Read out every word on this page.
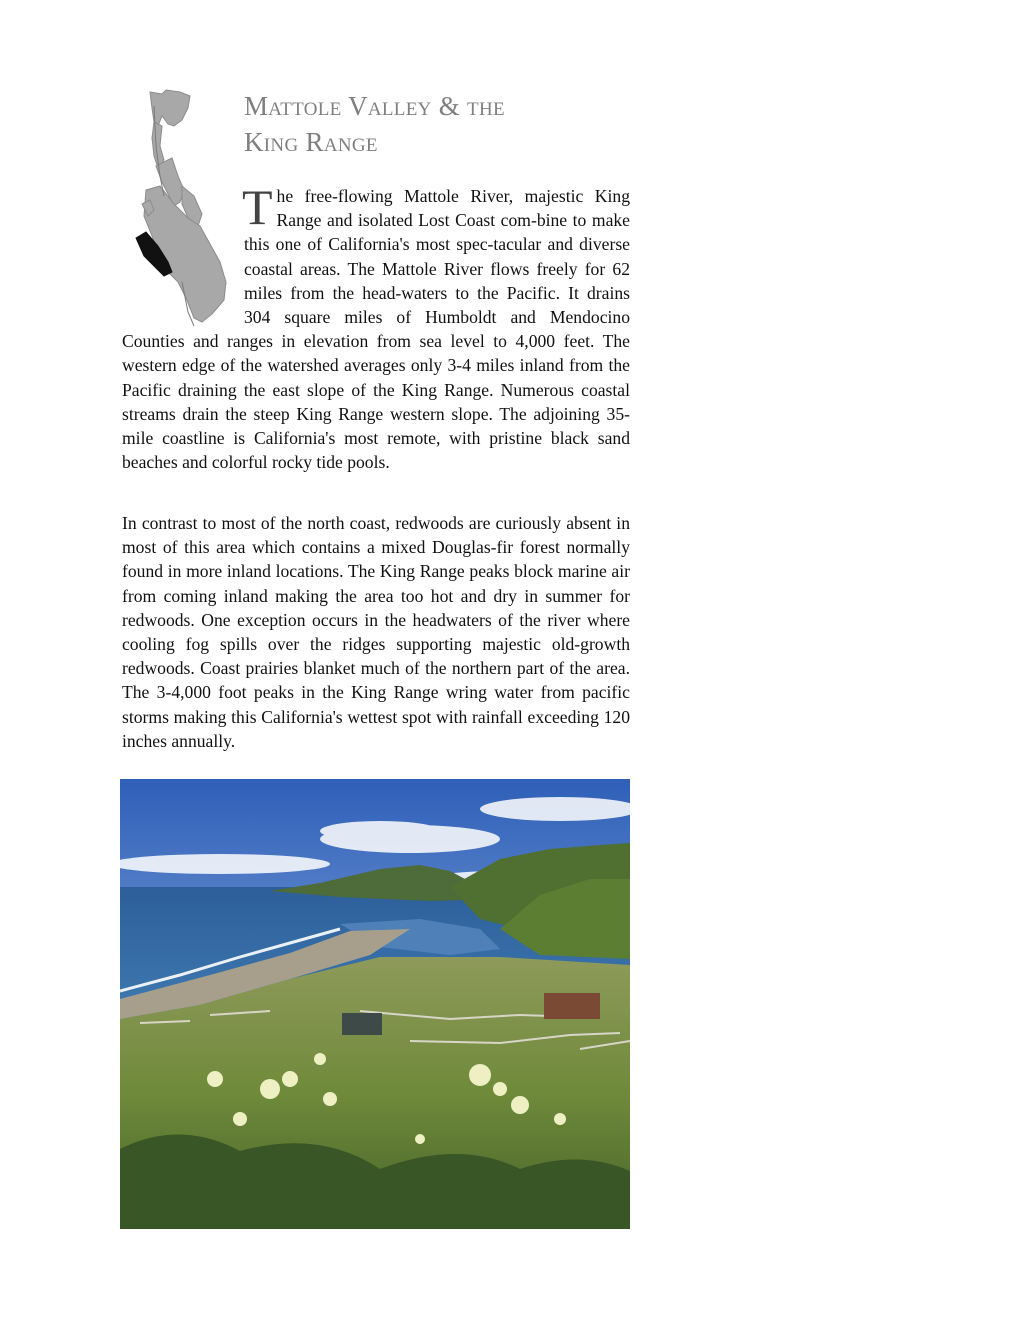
Mattole Valley & the
King Range

T he free-flowing Mattole River, majestic King Range and isolated Lost Coast com-bine to make this one of California's most spec-tacular and diverse coastal areas. The Mattole River flows freely for 62 miles from the head-waters to the Pacific. It drains 304 square miles of Humboldt and Mendocino Counties and ranges in elevation from sea level to 4,000 feet. The western edge of the watershed averages only 3-4 miles inland from the Pacific draining the east slope of the King Range. Numerous coastal streams drain the steep King Range western slope. The adjoining 35-mile coastline is California's most remote, with pristine black sand beaches and colorful rocky tide pools.

In contrast to most of the north coast, redwoods are curiously absent in most of this area which contains a mixed Douglas-fir forest normally found in more inland locations. The King Range peaks block marine air from coming inland making the area too hot and dry in summer for redwoods. One exception occurs in the headwaters of the river where cooling fog spills over the ridges supporting majestic old-growth redwoods. Coast prairies blanket much of the northern part of the area. The 3-4,000 foot peaks in the King Range wring water from pacific storms making this California's wettest spot with rainfall exceeding 120 inches annually.
